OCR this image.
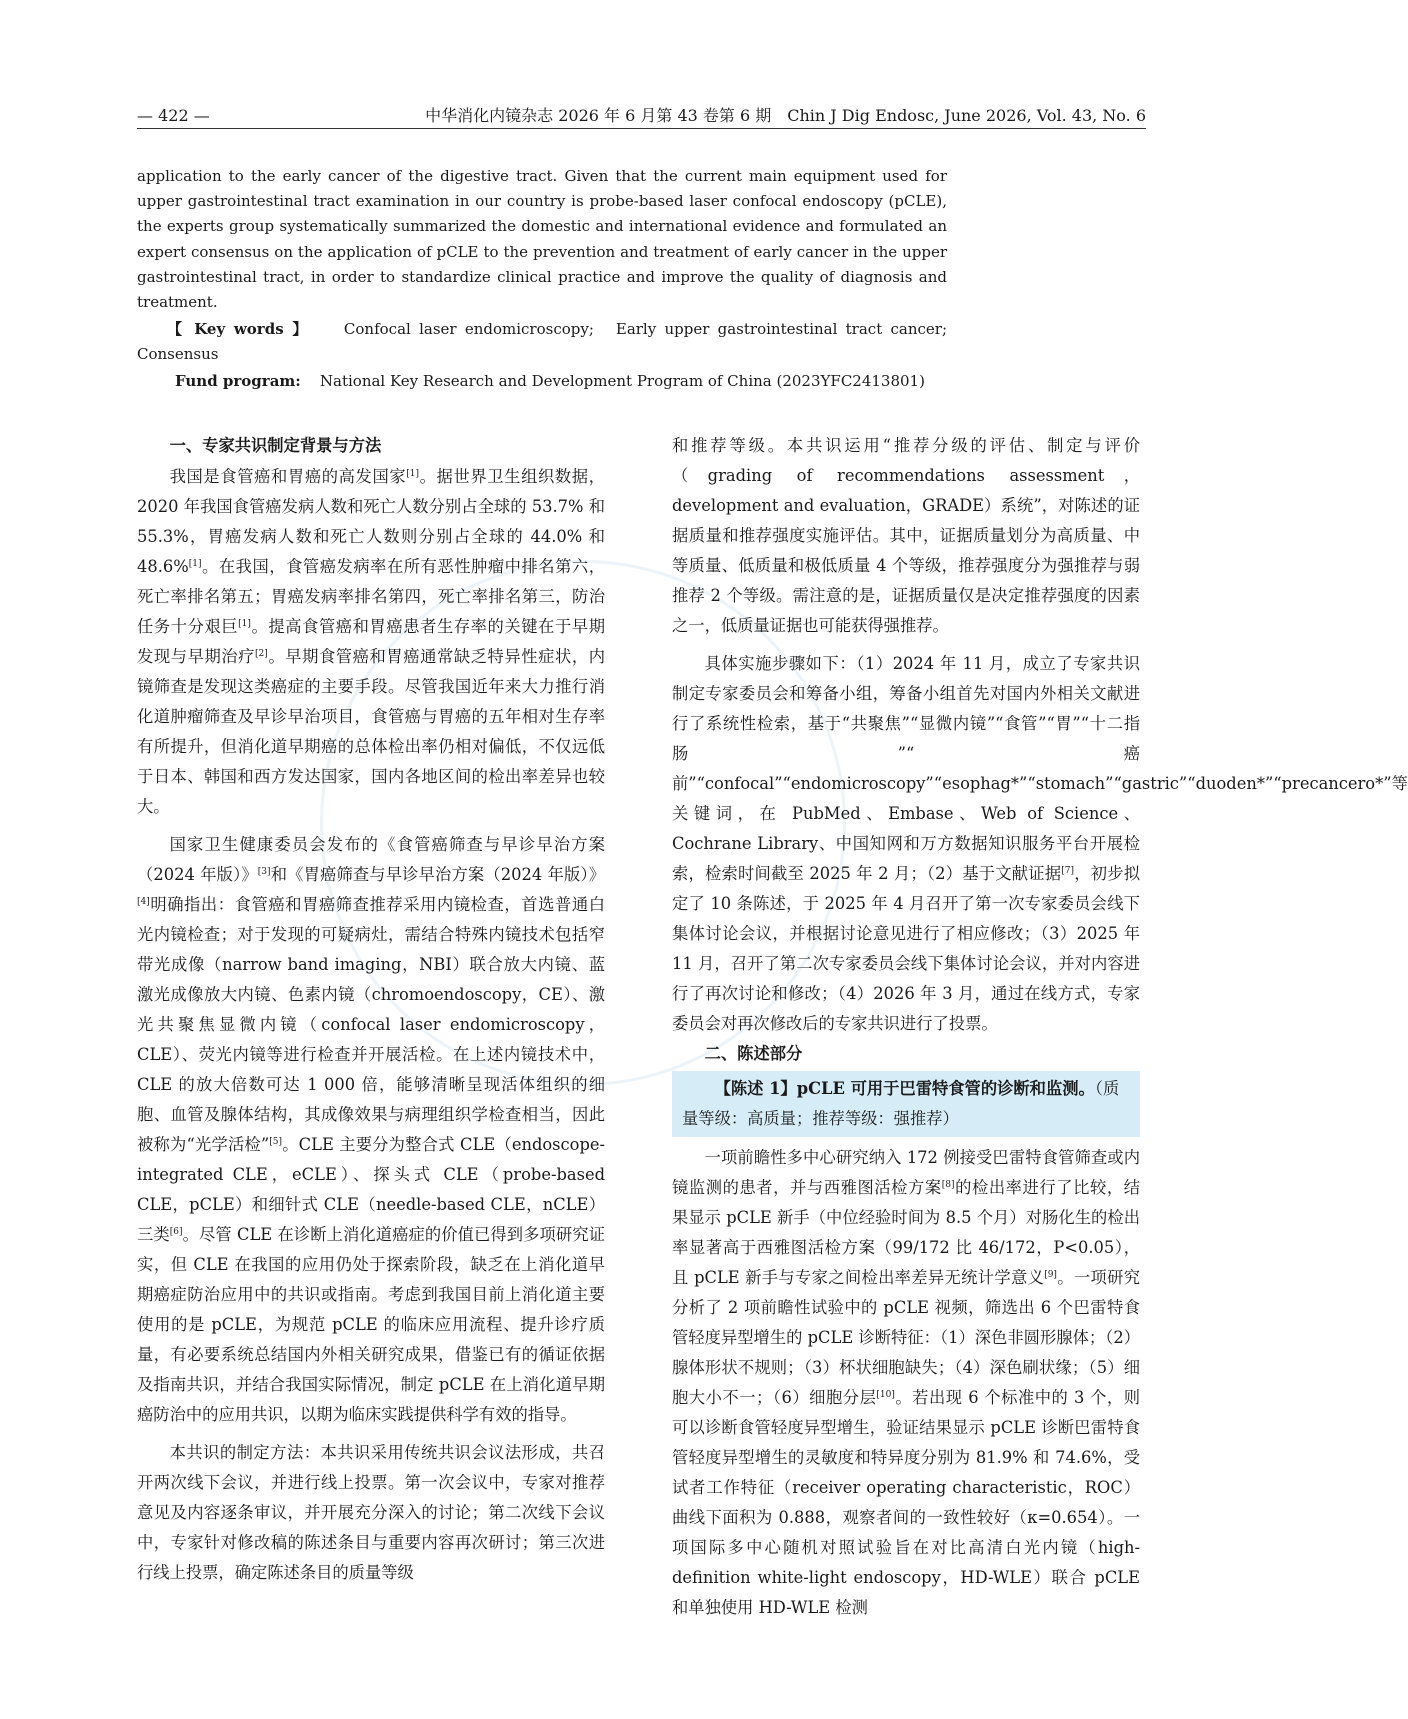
— 422 —	中华消化内镜杂志 2026 年 6 月第 43 卷第 6 期　Chin J Dig Endosc, June 2026, Vol. 43, No. 6

application to the early cancer of the digestive tract. Given that the current main equipment used for upper gastrointestinal tract examination in our country is probe-based laser confocal endoscopy (pCLE), the experts group systematically summarized the domestic and international evidence and formulated an expert consensus on the application of pCLE to the prevention and treatment of early cancer in the upper gastrointestinal tract, in order to standardize clinical practice and improve the quality of diagnosis and treatment.

【 Key words 】 Confocal laser endomicroscopy;　Early upper gastrointestinal tract cancer; Consensus

Fund program: National Key Research and Development Program of China (2023YFC2413801)

一、专家共识制定背景与方法

我国是食管癌和胃癌的高发国家[1]。据世界卫生组织数据，2020 年我国食管癌发病人数和死亡人数分别占全球的 53.7% 和 55.3%，胃癌发病人数和死亡人数则分别占全球的 44.0% 和 48.6%[1]。在我国，食管癌发病率在所有恶性肿瘤中排名第六，死亡率排名第五；胃癌发病率排名第四，死亡率排名第三，防治任务十分艰巨[1]。提高食管癌和胃癌患者生存率的关键在于早期发现与早期治疗[2]。早期食管癌和胃癌通常缺乏特异性症状，内镜筛查是发现这类癌症的主要手段。尽管我国近年来大力推行消化道肿瘤筛查及早诊早治项目，食管癌与胃癌的五年相对生存率有所提升，但消化道早期癌的总体检出率仍相对偏低，不仅远低于日本、韩国和西方发达国家，国内各地区间的检出率差异也较大。

国家卫生健康委员会发布的《食管癌筛查与早诊早治方案（2024 年版）》[3]和《胃癌筛查与早诊早治方案（2024 年版）》[4]明确指出：食管癌和胃癌筛查推荐采用内镜检查，首选普通白光内镜检查；对于发现的可疑病灶，需结合特殊内镜技术包括窄带光成像（narrow band imaging，NBI）联合放大内镜、蓝激光成像放大内镜、色素内镜（chromoendoscopy，CE）、激光共聚焦显微内镜（confocal laser endomicroscopy，CLE）、荧光内镜等进行检查并开展活检。在上述内镜技术中，CLE 的放大倍数可达 1 000 倍，能够清晰呈现活体组织的细胞、血管及腺体结构，其成像效果与病理组织学检查相当，因此被称为“光学活检”[5]。CLE 主要分为整合式 CLE（endoscope-integrated CLE，eCLE）、探头式 CLE（probe-based CLE，pCLE）和细针式 CLE（needle-based CLE，nCLE）三类[6]。尽管 CLE 在诊断上消化道癌症的价值已得到多项研究证实，但 CLE 在我国的应用仍处于探索阶段，缺乏在上消化道早期癌症防治应用中的共识或指南。考虑到我国目前上消化道主要使用的是 pCLE，为规范 pCLE 的临床应用流程、提升诊疗质量，有必要系统总结国内外相关研究成果，借鉴已有的循证依据及指南共识，并结合我国实际情况，制定 pCLE 在上消化道早期癌防治中的应用共识，以期为临床实践提供科学有效的指导。

本共识的制定方法：本共识采用传统共识会议法形成，共召开两次线下会议，并进行线上投票。第一次会议中，专家对推荐意见及内容逐条审议，并开展充分深入的讨论；第二次线下会议中，专家针对修改稿的陈述条目与重要内容再次研讨；第三次进行线上投票，确定陈述条目的质量等级

和推荐等级。本共识运用“推荐分级的评估、制定与评价（grading of recommendations assessment，development and evaluation，GRADE）系统”，对陈述的证据质量和推荐强度实施评估。其中，证据质量划分为高质量、中等质量、低质量和极低质量 4 个等级，推荐强度分为强推荐与弱推荐 2 个等级。需注意的是，证据质量仅是决定推荐强度的因素之一，低质量证据也可能获得强推荐。

具体实施步骤如下：（1）2024 年 11 月，成立了专家共识制定专家委员会和筹备小组，筹备小组首先对国内外相关文献进行了系统性检索，基于“共聚焦”“显微内镜”“食管”“胃”“十二指肠”“癌前”“confocal”“endomicroscopy”“esophag*”“stomach”“gastric”“duoden*”“precancero*”等关键词，在 PubMed、Embase、Web of Science、Cochrane Library、中国知网和万方数据知识服务平台开展检索，检索时间截至 2025 年 2 月；（2）基于文献证据[7]，初步拟定了 10 条陈述，于 2025 年 4 月召开了第一次专家委员会线下集体讨论会议，并根据讨论意见进行了相应修改；（3）2025 年 11 月，召开了第二次专家委员会线下集体讨论会议，并对内容进行了再次讨论和修改；（4）2026 年 3 月，通过在线方式，专家委员会对再次修改后的专家共识进行了投票。

二、陈述部分
【陈述 1】pCLE 可用于巴雷特食管的诊断和监测。（质量等级：高质量；推荐等级：强推荐）

一项前瞻性多中心研究纳入 172 例接受巴雷特食管筛查或内镜监测的患者，并与西雅图活检方案[8]的检出率进行了比较，结果显示 pCLE 新手（中位经验时间为 8.5 个月）对肠化生的检出率显著高于西雅图活检方案（99/172 比 46/172，P<0.05），且 pCLE 新手与专家之间检出率差异无统计学意义[9]。一项研究分析了 2 项前瞻性试验中的 pCLE 视频，筛选出 6 个巴雷特食管轻度异型增生的 pCLE 诊断特征：（1）深色非圆形腺体；（2）腺体形状不规则；（3）杯状细胞缺失；（4）深色刷状缘；（5）细胞大小不一；（6）细胞分层[10]。若出现 6 个标准中的 3 个，则可以诊断食管轻度异型增生，验证结果显示 pCLE 诊断巴雷特食管轻度异型增生的灵敏度和特异度分别为 81.9% 和 74.6%，受试者工作特征（receiver operating characteristic，ROC）曲线下面积为 0.888，观察者间的一致性较好（κ=0.654）。一项国际多中心随机对照试验旨在对比高清白光内镜（high-definition white-light endoscopy，HD-WLE）联合 pCLE 和单独使用 HD-WLE 检测
